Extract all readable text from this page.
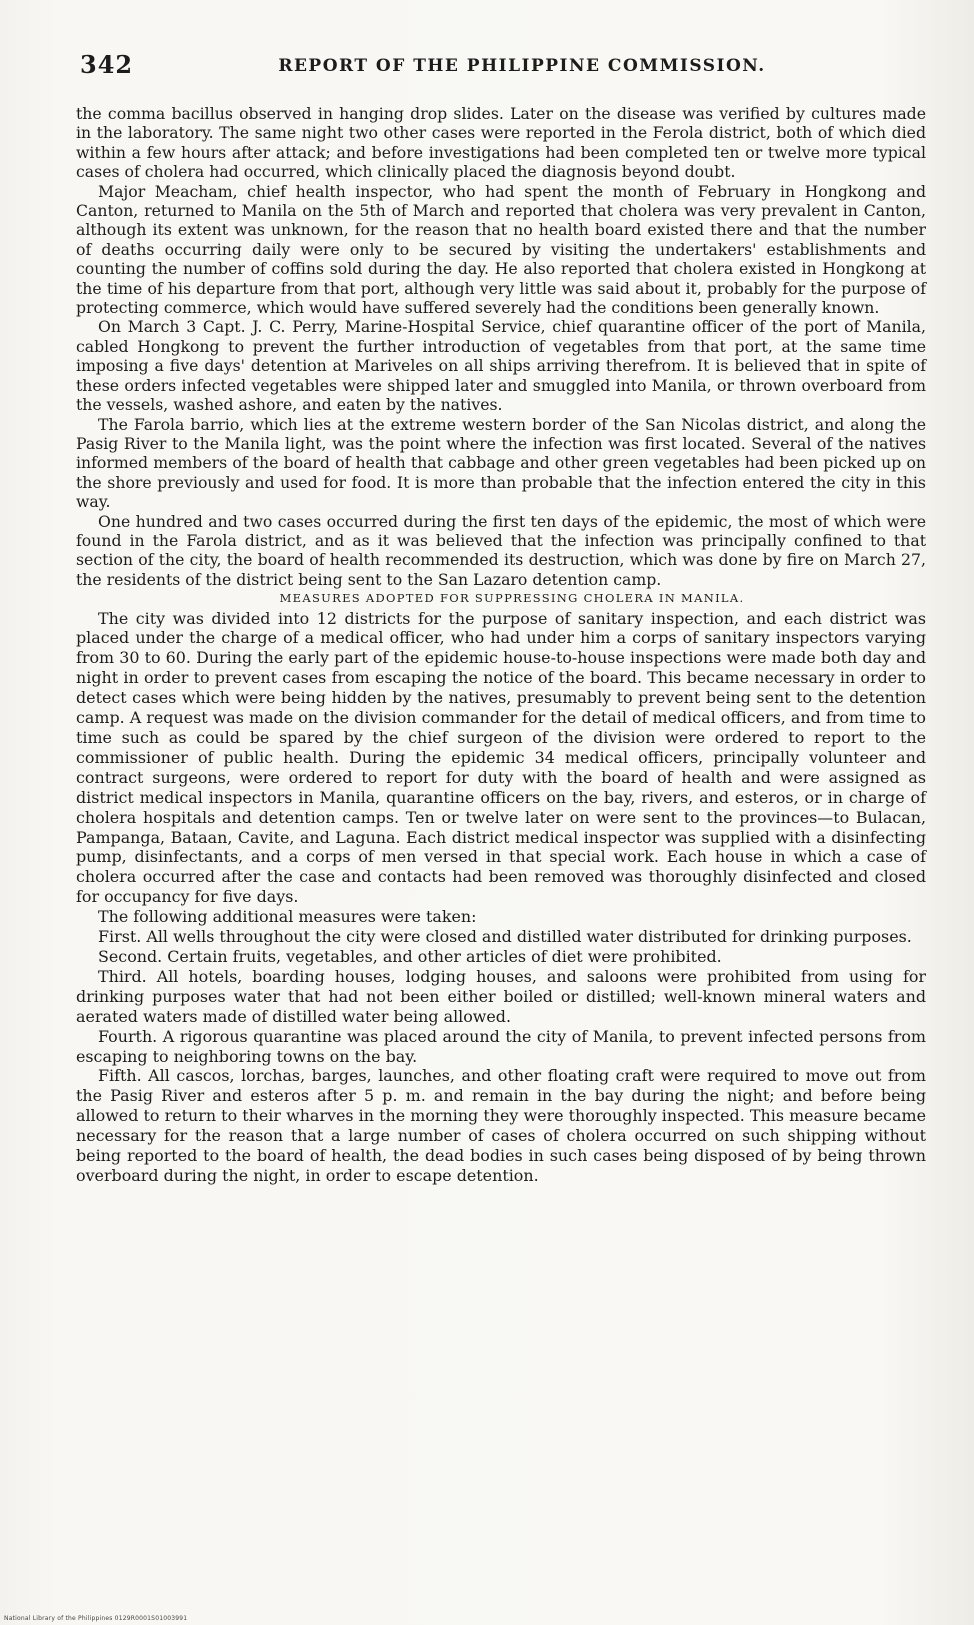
342	REPORT OF THE PHILIPPINE COMMISSION.

the comma bacillus observed in hanging drop slides. Later on the disease was verified by cultures made in the laboratory. The same night two other cases were reported in the Ferola district, both of which died within a few hours after attack; and before investigations had been completed ten or twelve more typical cases of cholera had occurred, which clinically placed the diagnosis beyond doubt.

Major Meacham, chief health inspector, who had spent the month of February in Hongkong and Canton, returned to Manila on the 5th of March and reported that cholera was very prevalent in Canton, although its extent was unknown, for the reason that no health board existed there and that the number of deaths occurring daily were only to be secured by visiting the undertakers' establishments and counting the number of coffins sold during the day. He also reported that cholera existed in Hongkong at the time of his departure from that port, although very little was said about it, probably for the purpose of protecting commerce, which would have suffered severely had the conditions been generally known.

On March 3 Capt. J. C. Perry, Marine-Hospital Service, chief quarantine officer of the port of Manila, cabled Hongkong to prevent the further introduction of vegetables from that port, at the same time imposing a five days' detention at Mariveles on all ships arriving therefrom. It is believed that in spite of these orders infected vegetables were shipped later and smuggled into Manila, or thrown overboard from the vessels, washed ashore, and eaten by the natives.

The Farola barrio, which lies at the extreme western border of the San Nicolas district, and along the Pasig River to the Manila light, was the point where the infection was first located. Several of the natives informed members of the board of health that cabbage and other green vegetables had been picked up on the shore previously and used for food. It is more than probable that the infection entered the city in this way.

One hundred and two cases occurred during the first ten days of the epidemic, the most of which were found in the Farola district, and as it was believed that the infection was principally confined to that section of the city, the board of health recommended its destruction, which was done by fire on March 27, the residents of the district being sent to the San Lazaro detention camp.

MEASURES ADOPTED FOR SUPPRESSING CHOLERA IN MANILA.

The city was divided into 12 districts for the purpose of sanitary inspection, and each district was placed under the charge of a medical officer, who had under him a corps of sanitary inspectors varying from 30 to 60. During the early part of the epidemic house-to-house inspections were made both day and night in order to prevent cases from escaping the notice of the board. This became necessary in order to detect cases which were being hidden by the natives, presumably to prevent being sent to the detention camp. A request was made on the division commander for the detail of medical officers, and from time to time such as could be spared by the chief surgeon of the division were ordered to report to the commissioner of public health. During the epidemic 34 medical officers, principally volunteer and contract surgeons, were ordered to report for duty with the board of health and were assigned as district medical inspectors in Manila, quarantine officers on the bay, rivers, and esteros, or in charge of cholera hospitals and detention camps. Ten or twelve later on were sent to the provinces—to Bulacan, Pampanga, Bataan, Cavite, and Laguna. Each district medical inspector was supplied with a disinfecting pump, disinfectants, and a corps of men versed in that special work. Each house in which a case of cholera occurred after the case and contacts had been removed was thoroughly disinfected and closed for occupancy for five days.

The following additional measures were taken:

First. All wells throughout the city were closed and distilled water distributed for drinking purposes.

Second. Certain fruits, vegetables, and other articles of diet were prohibited.

Third. All hotels, boarding houses, lodging houses, and saloons were prohibited from using for drinking purposes water that had not been either boiled or distilled; well-known mineral waters and aerated waters made of distilled water being allowed.

Fourth. A rigorous quarantine was placed around the city of Manila, to prevent infected persons from escaping to neighboring towns on the bay.

Fifth. All cascos, lorchas, barges, launches, and other floating craft were required to move out from the Pasig River and esteros after 5 p. m. and remain in the bay during the night; and before being allowed to return to their wharves in the morning they were thoroughly inspected. This measure became necessary for the reason that a large number of cases of cholera occurred on such shipping without being reported to the board of health, the dead bodies in such cases being disposed of by being thrown overboard during the night, in order to escape detention.

National Library of the Philippines 0129R0001S01003991
